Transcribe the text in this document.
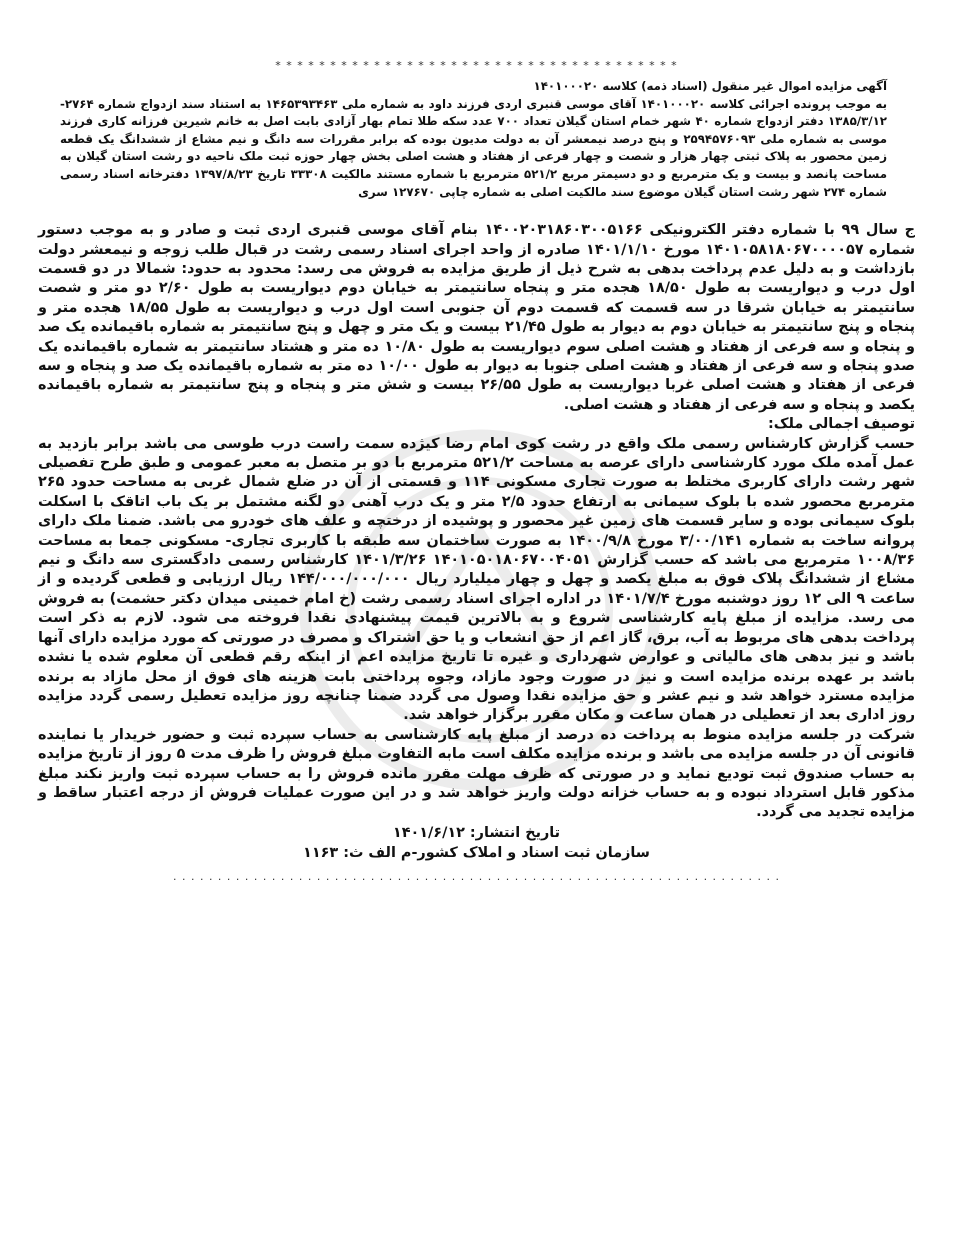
* * * * * * * * * * * * * * * * * * * * * * * * * * * * * * * * * * * * *
آگهی مزایده اموال غیر منقول (اسناد ذمه) کلاسه ۱۴۰۱۰۰۰۲۰
به موجب پرونده اجرائی کلاسه ۱۴۰۱۰۰۰۲۰ آقای موسی قنبری اردی فرزند داود به شماره ملی ۱۴۶۵۳۹۳۴۶۳ به استناد سند ازدواج شماره ۲۷۶۴- ۱۳۸۵/۳/۱۲ دفتر ازدواج شماره ۴۰ شهر خمام استان گیلان تعداد ۷۰۰ عدد سکه طلا تمام بهار آزادی بابت اصل به خانم شیرین فرزانه کاری فرزند موسی به شماره ملی ۲۵۹۴۵۷۶۰۹۳ و پنج درصد نیمعشر آن به دولت مدیون بوده که برابر مقررات سه دانگ و نیم مشاع از ششدانگ یک قطعه زمین محصور به پلاک ثبتی چهار هزار و شصت و چهار فرعی از هفتاد و هشت اصلی بخش چهار حوزه ثبت ملک ناحیه دو رشت استان گیلان به مساحت پانصد و بیست و یک مترمربع و دو دسیمتر مربع ۵۲۱/۲ مترمربع با شماره مستند مالکیت ۳۳۳۰۸ تاریخ ۱۳۹۷/۸/۲۳ دفترخانه اسناد رسمی شماره ۲۷۴ شهر رشت استان گیلان موضوع سند مالکیت اصلی به شماره چاپی ۱۲۷۶۷۰ سری

ج سال ۹۹ با شماره دفتر الکترونیکی ۱۴۰۰۲۰۳۱۸۶۰۳۰۰۵۱۶۶ بنام آقای موسی قنبری اردی ثبت و صادر و به موجب دستور شماره ۱۴۰۱۰۵۸۱۸۰۶۷۰۰۰۰۵۷ مورخ ۱۴۰۱/۱/۱۰ صادره از واحد اجرای اسناد رسمی رشت در قبال طلب زوجه و نیمعشر دولت بازداشت و به دلیل عدم پرداخت بدهی به شرح ذیل از طریق مزایده به فروش می رسد: محدود به حدود: شمالا در دو قسمت اول درب و دیواریست به طول ۱۸/۵۰ هجده متر و پنجاه سانتیمتر به خیابان دوم دیواریست به طول ۲/۶۰ دو متر و شصت سانتیمتر به خیابان شرقا در سه قسمت که قسمت دوم آن جنوبی است اول درب و دیواریست به طول ۱۸/۵۵ هجده متر و پنجاه و پنج سانتیمتر به خیابان دوم به دیوار به طول ۲۱/۴۵ بیست و یک متر و چهل و پنج سانتیمتر به شماره باقیمانده یک صد و پنجاه و سه فرعی از هفتاد و هشت اصلی سوم دیواریست به طول ۱۰/۸۰ ده متر و هشتاد سانتیمتر به شماره باقیمانده یک صدو پنجاه و سه فرعی از هفتاد و هشت اصلی جنوبا به دیوار به طول ۱۰/۰۰ ده متر به شماره باقیمانده یک صد و پنجاه و سه فرعی از هفتاد و هشت اصلی غربا دیواریست به طول ۲۶/۵۵ بیست و شش متر و پنجاه و پنج سانتیمتر به شماره باقیمانده یکصد و پنجاه و سه فرعی از هفتاد و هشت اصلی.

توصیف اجمالی ملک:

حسب گزارش کارشناس رسمی ملک واقع در رشت کوی امام رضا کیژده سمت راست درب طوسی می باشد برابر بازدید به عمل آمده ملک مورد کارشناسی دارای عرصه به مساحت ۵۲۱/۲ مترمربع با دو بر متصل به معبر عمومی و طبق طرح تفصیلی شهر رشت دارای کاربری مختلط به صورت تجاری مسکونی ۱۱۴ و قسمتی از آن در ضلع شمال غربی به مساحت حدود ۲۶۵ مترمربع محصور شده با بلوک سیمانی به ارتفاع حدود ۲/۵ متر و یک درب آهنی دو لگنه مشتمل بر یک باب اتاقک با اسکلت بلوک سیمانی بوده و سایر قسمت های زمین غیر محصور و پوشیده از درختچه و علف های خودرو می باشد. ضمنا ملک دارای پروانه ساخت به شماره ۳/۰۰/۱۴۱ مورخ ۱۴۰۰/۹/۸ به صورت ساختمان سه طبقه با کاربری تجاری- مسکونی جمعا به مساحت ۱۰۰۸/۳۶ مترمربع می باشد که حسب گزارش ۱۴۰۱۰۵۰۱۸۰۶۷۰۰۴۰۵۱ ۱۴۰۱/۳/۲۶ کارشناس رسمی دادگستری سه دانگ و نیم مشاع از ششدانگ پلاک فوق به مبلغ یکصد و چهل و چهار میلیارد ریال ۱۴۴/۰۰۰/۰۰۰/۰۰۰ ریال ارزیابی و قطعی گردیده و از ساعت ۹ الی ۱۲ روز دوشنبه مورخ ۱۴۰۱/۷/۴ در اداره اجرای اسناد رسمی رشت (خ امام خمینی میدان دکتر حشمت) به فروش می رسد. مزایده از مبلغ پایه کارشناسی شروع و به بالاترین قیمت پیشنهادی نقدا فروخته می شود. لازم به ذکر است پرداخت بدهی های مربوط به آب، برق، گاز اعم از حق انشعاب و یا حق اشتراک و مصرف در صورتی که مورد مزایده دارای آنها باشد و نیز بدهی های مالیاتی و عوارض شهرداری و غیره تا تاریخ مزایده اعم از اینکه رقم قطعی آن معلوم شده یا نشده باشد بر عهده برنده مزایده است و نیز در صورت وجود مازاد، وجوه پرداختی بابت هزینه های فوق از محل مازاد به برنده مزایده مسترد خواهد شد و نیم عشر و حق مزایده نقدا وصول می گردد ضمنا چنانچه روز مزایده تعطیل رسمی گردد مزایده روز اداری بعد از تعطیلی در همان ساعت و مکان مقرر برگزار خواهد شد.

شرکت در جلسه مزایده منوط به پرداخت ده درصد از مبلغ پایه کارشناسی به حساب سپرده ثبت و حضور خریدار یا نماینده قانونی آن در جلسه مزایده می باشد و برنده مزایده مکلف است مابه التفاوت مبلغ فروش را ظرف مدت ۵ روز از تاریخ مزایده به حساب صندوق ثبت تودیع نماید و در صورتی که ظرف مهلت مقرر مانده فروش را به حساب سپرده ثبت واریز نکند مبلغ مذکور قابل استرداد نبوده و به حساب خزانه دولت واریز خواهد شد و در این صورت عملیات فروش از درجه اعتبار ساقط و مزایده تجدید می گردد.

تاریخ انتشار: ۱۴۰۱/۶/۱۲
سازمان ثبت اسناد و املاک کشور-م الف ث: ۱۱۶۳
. . . . . . . . . . . . . . . . . . . . . . . . . . . . . . . . . . . . . . . . . . . . . . . . . . . . . . . . . . . . . . . . . . . .
